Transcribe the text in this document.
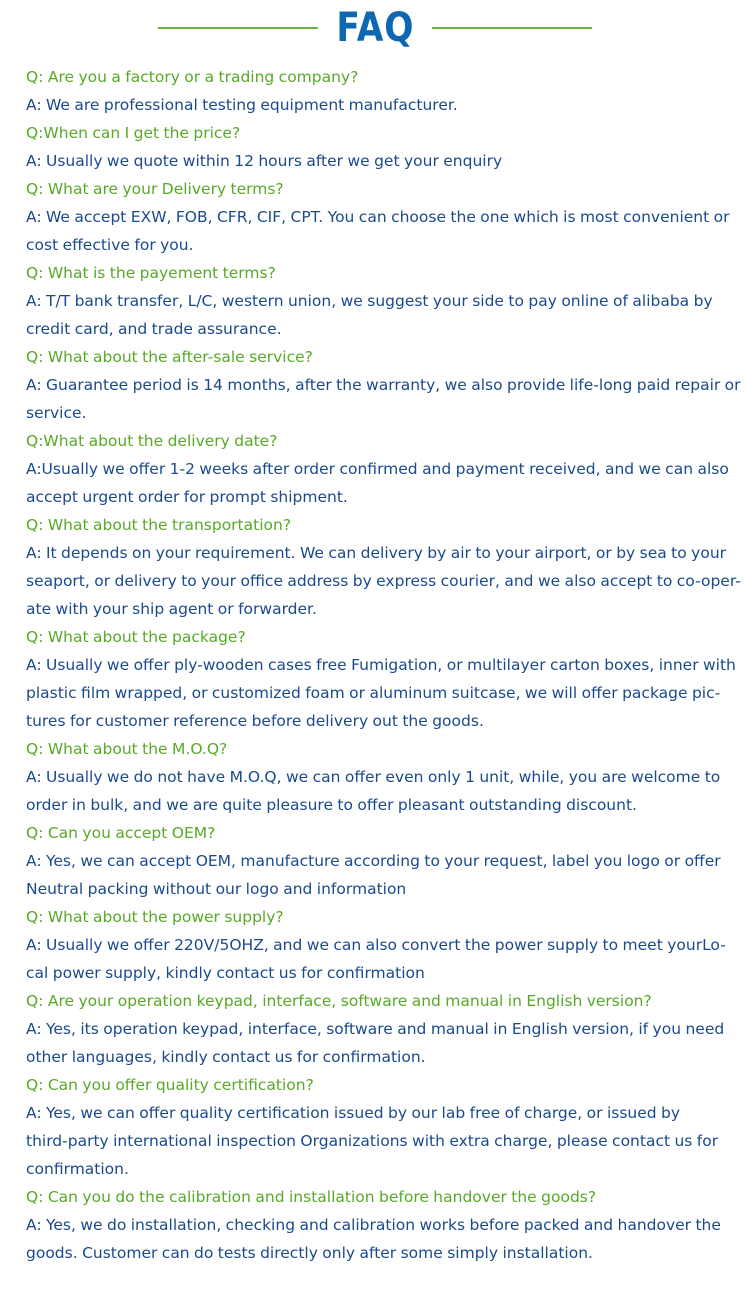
FAQ

Q: Are you a factory or a trading company?

A: We are professional testing equipment manufacturer.

Q:When can I get the price?

A: Usually we quote within 12 hours after we get your enquiry

Q: What are your Delivery terms?

A: We accept EXW, FOB, CFR, CIF, CPT. You can choose the one which is most convenient or

cost effective for you.

Q: What is the payement terms?

A: T/T bank transfer, L/C, western union, we suggest your side to pay online of alibaba by

credit card, and trade assurance.

Q: What about the after-sale service?

A: Guarantee period is 14 months, after the warranty, we also provide life-long paid repair or

service.

Q:What about the delivery date?

A:Usually we offer 1-2 weeks after order confirmed and payment received, and we can also

accept urgent order for prompt shipment.

Q: What about the transportation?

A: It depends on your requirement. We can delivery by air to your airport, or by sea to your

seaport, or delivery to your office address by express courier, and we also accept to co-oper-

ate with your ship agent or forwarder.

Q: What about the package?

A: Usually we offer ply-wooden cases free Fumigation, or multilayer carton boxes, inner with

plastic film wrapped, or customized foam or aluminum suitcase, we will offer package pic-

tures for customer reference before delivery out the goods.

Q: What about the M.O.Q?

A: Usually we do not have M.O.Q, we can offer even only 1 unit, while, you are welcome to

order in bulk, and we are quite pleasure to offer pleasant outstanding discount.

Q: Can you accept OEM?

A: Yes, we can accept OEM, manufacture according to your request, label you logo or offer

Neutral packing without our logo and information

Q: What about the power supply?

A: Usually we offer 220V/5OHZ, and we can also convert the power supply to meet yourLo-

cal power supply, kindly contact us for confirmation

Q: Are your operation keypad, interface, software and manual in English version?

A: Yes, its operation keypad, interface, software and manual in English version, if you need

other languages, kindly contact us for confirmation.

Q: Can you offer quality certification?

A: Yes, we can offer quality certification issued by our lab free of charge, or issued by

third-party international inspection Organizations with extra charge, please contact us for

confirmation.

Q: Can you do the calibration and installation before handover the goods?

A: Yes, we do installation, checking and calibration works before packed and handover the

goods. Customer can do tests directly only after some simply installation.
